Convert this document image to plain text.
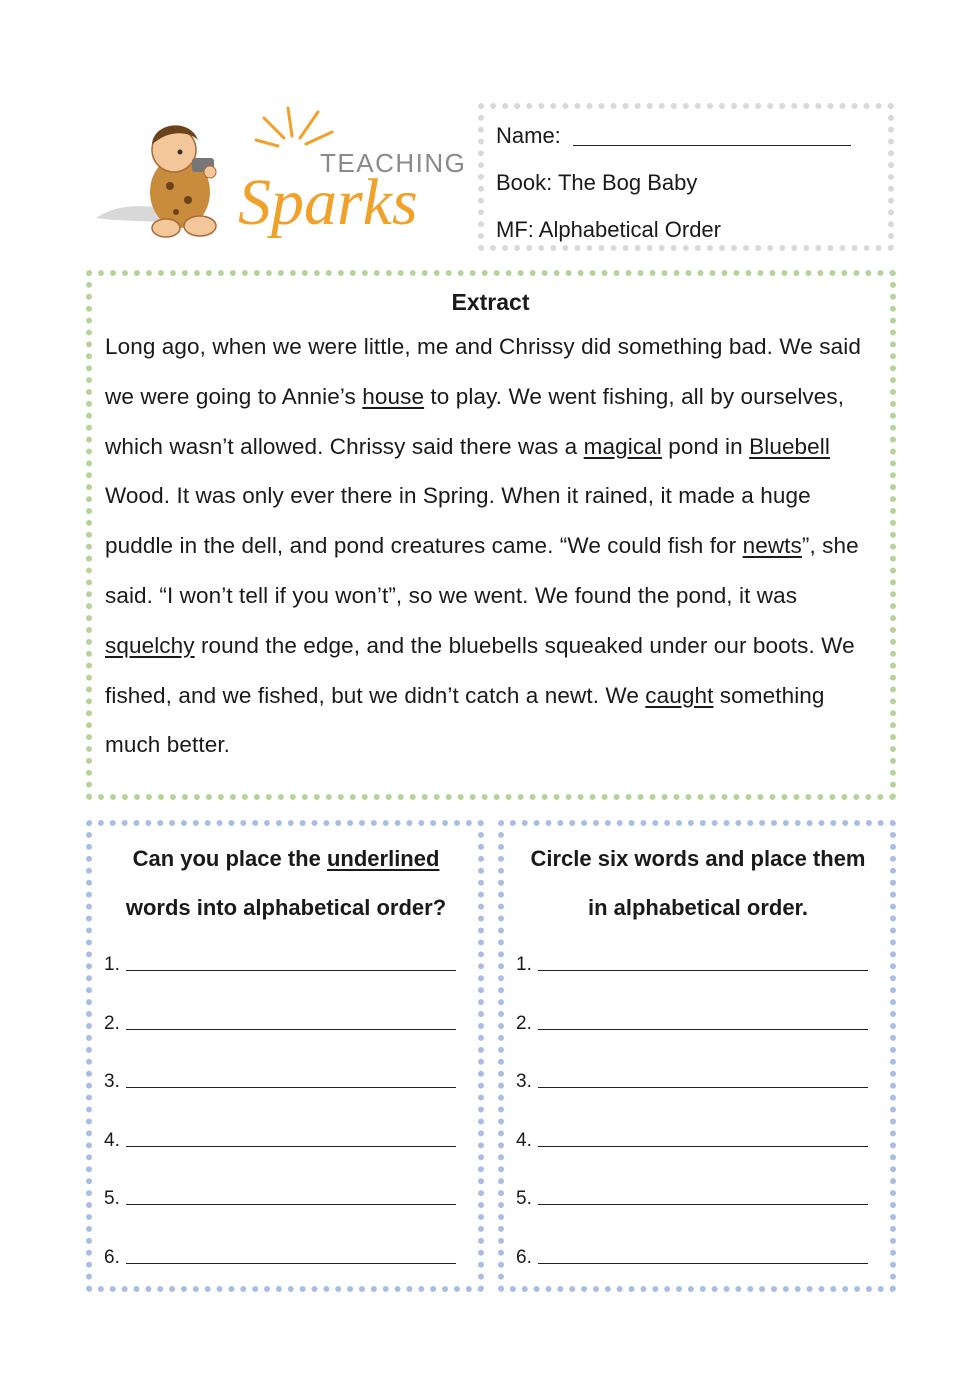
TEACHING
Sparks
Name:
Book: The Bog Baby
MF: Alphabetical Order
Extract

Long ago, when we were little, me and Chrissy did something bad. We said we were going to Annie’s house to play. We went fishing, all by ourselves, which wasn’t allowed. Chrissy said there was a magical pond in Bluebell Wood. It was only ever there in Spring. When it rained, it made a huge puddle in the dell, and pond creatures came. “We could fish for newts”, she said. “I won’t tell if you won’t”, so we went. We found the pond, it was squelchy round the edge, and the bluebells squeaked under our boots. We fished, and we fished, but we didn’t catch a newt. We caught something much better.

Can you place the underlined
words into alphabetical order?
1.
2.
3.
4.
5.
6.
Circle six words and place them
in alphabetical order.
1.
2.
3.
4.
5.
6.
